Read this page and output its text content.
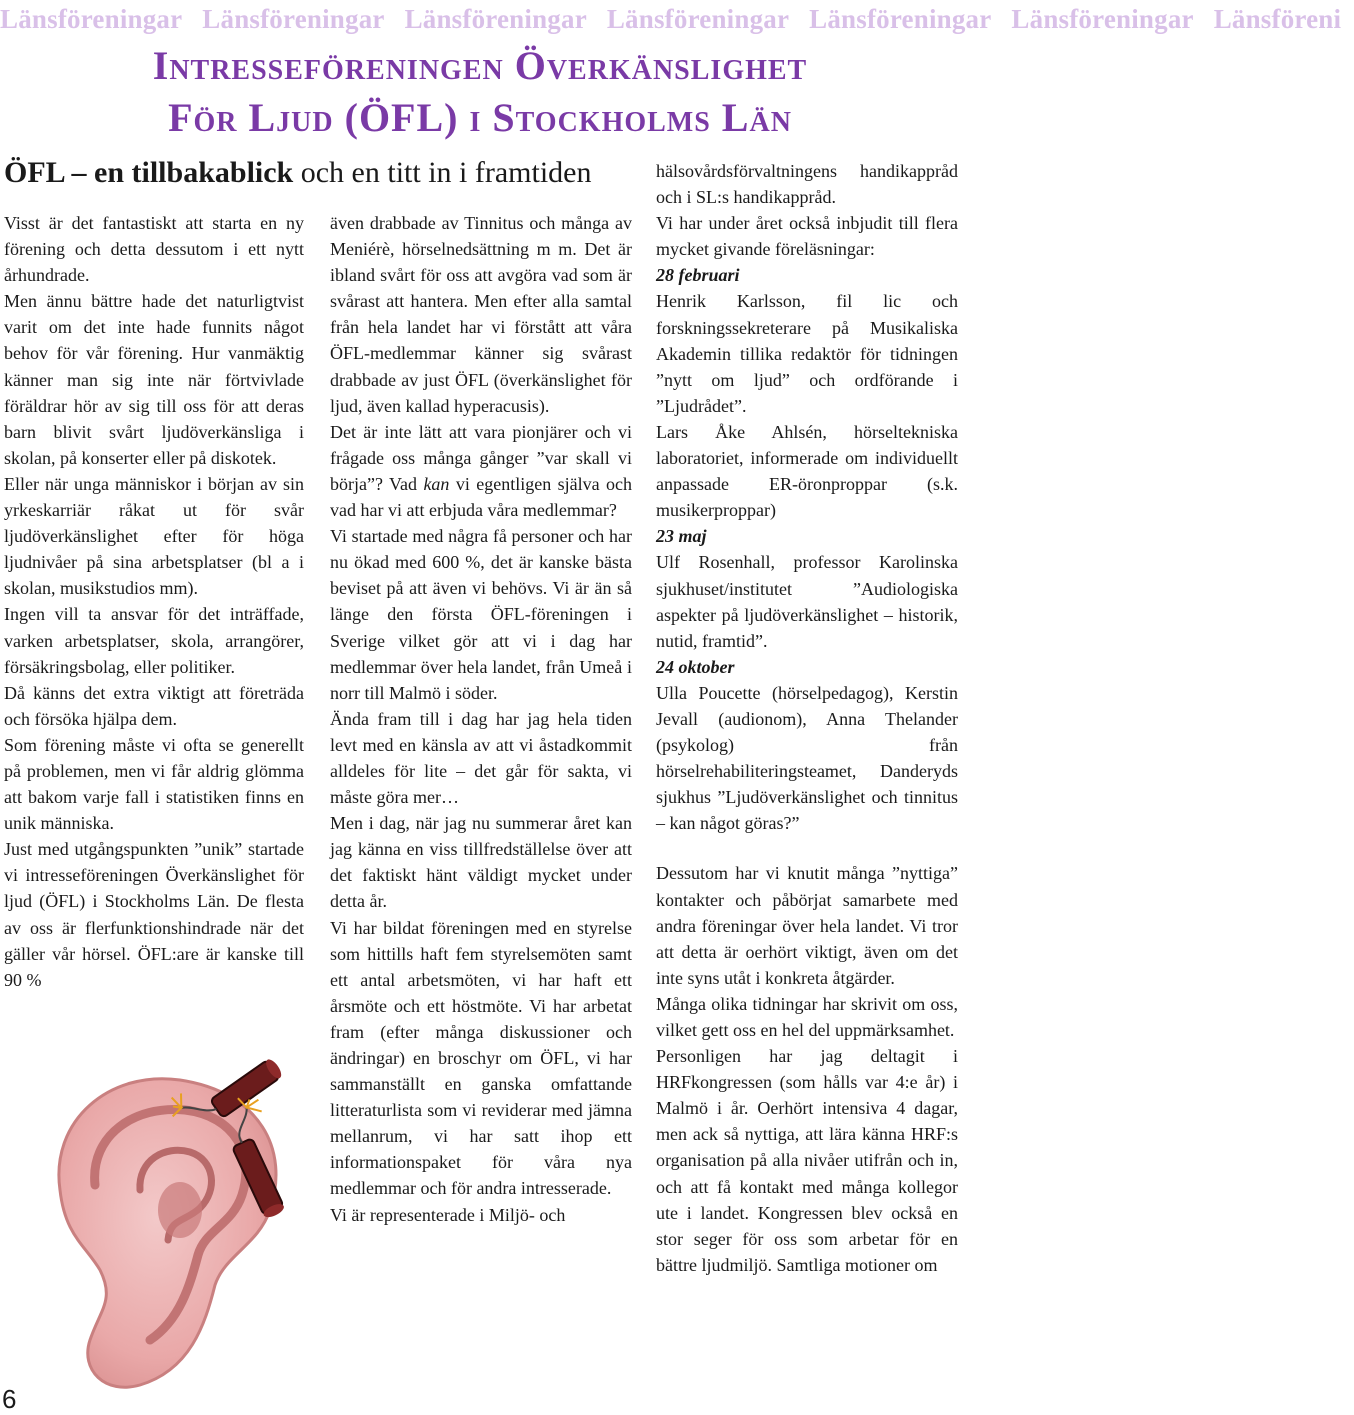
Länsföreningar Länsföreningar Länsföreningar Länsföreningar Länsföreningar Länsföreningar Länsföreni
Intresseföreningen Överkänslighet
För Ljud (ÖFL) i Stockholms Län
ÖFL – en tillbakablick och en titt in i framtiden

Visst är det fantastiskt att starta en ny förening och detta dessutom i ett nytt århundrade.

Men ännu bättre hade det naturligtvist varit om det inte hade funnits något behov för vår förening. Hur vanmäktig känner man sig inte när förtvivlade föräldrar hör av sig till oss för att deras barn blivit svårt ljudöverkänsliga i skolan, på konserter eller på diskotek.

Eller när unga människor i början av sin yrkeskarriär råkat ut för svår ljudöverkänslighet efter för höga ljudnivåer på sina arbetsplatser (bl a i skolan, musikstudios mm).

Ingen vill ta ansvar för det inträffade, varken arbetsplatser, skola, arrangörer, försäkringsbolag, eller politiker.

Då känns det extra viktigt att företräda och försöka hjälpa dem.

Som förening måste vi ofta se generellt på problemen, men vi får aldrig glömma att bakom varje fall i statistiken finns en unik människa.

Just med utgångspunkten ”unik” startade vi intresseföreningen Överkänslighet för ljud (ÖFL) i Stockholms Län. De flesta av oss är flerfunktionshindrade när det gäller vår hörsel. ÖFL:are är kanske till 90 %

även drabbade av Tinnitus och många av Meniérè, hörselnedsättning m m. Det är ibland svårt för oss att avgöra vad som är svårast att hantera. Men efter alla samtal från hela landet har vi förstått att våra ÖFL-medlemmar känner sig svårast drabbade av just ÖFL (överkänslighet för ljud, även kallad hyperacusis).

Det är inte lätt att vara pionjärer och vi frågade oss många gånger ”var skall vi börja”? Vad kan vi egentligen själva och vad har vi att erbjuda våra medlemmar?

Vi startade med några få personer och har nu ökad med 600 %, det är kanske bästa beviset på att även vi behövs. Vi är än så länge den första ÖFL-föreningen i Sverige vilket gör att vi i dag har medlemmar över hela landet, från Umeå i norr till Malmö i söder.

Ända fram till i dag har jag hela tiden levt med en känsla av att vi åstadkommit alldeles för lite – det går för sakta, vi måste göra mer…

Men i dag, när jag nu summerar året kan jag känna en viss tillfredställelse över att det faktiskt hänt väldigt mycket under detta år.

Vi har bildat föreningen med en styrelse som hittills haft fem styrelsemöten samt ett antal arbetsmöten, vi har haft ett årsmöte och ett höstmöte. Vi har arbetat fram (efter många diskussioner och ändringar) en broschyr om ÖFL, vi har sammanställt en ganska omfattande litteraturlista som vi reviderar med jämna mellanrum, vi har satt ihop ett informationspaket för våra nya medlemmar och för andra intresserade.

Vi är representerade i Miljö- och

hälsovårdsförvaltningens handikappråd och i SL:s handikappråd.

Vi har under året också inbjudit till flera mycket givande föreläsningar:

28 februari

Henrik Karlsson, fil lic och forskningssekreterare på Musikaliska Akademin tillika redaktör för tidningen ”nytt om ljud” och ordförande i ”Ljudrådet”.

Lars Åke Ahlsén, hörseltekniska laboratoriet, informerade om individuellt anpassade ER-öronproppar (s.k. musikerproppar)

23 maj

Ulf Rosenhall, professor Karolinska sjukhuset/institutet ”Audiologiska aspekter på ljudöverkänslighet – historik, nutid, framtid”.

24 oktober

Ulla Poucette (hörselpedagog), Kerstin Jevall (audionom), Anna Thelander (psykolog) från hörselrehabiliteringsteamet, Danderyds sjukhus ”Ljudöverkänslighet och tinnitus – kan något göras?”

Dessutom har vi knutit många ”nyttiga” kontakter och påbörjat samarbete med andra föreningar över hela landet. Vi tror att detta är oerhört viktigt, även om det inte syns utåt i konkreta åtgärder.

Många olika tidningar har skrivit om oss, vilket gett oss en hel del uppmärksamhet.

Personligen har jag deltagit i HRFkongressen (som hålls var 4:e år) i Malmö i år. Oerhört intensiva 4 dagar, men ack så nyttiga, att lära känna HRF:s organisation på alla nivåer utifrån och in, och att få kontakt med många kollegor ute i landet. Kongressen blev också en stor seger för oss som arbetar för en bättre ljudmiljö. Samtliga motioner om

6
